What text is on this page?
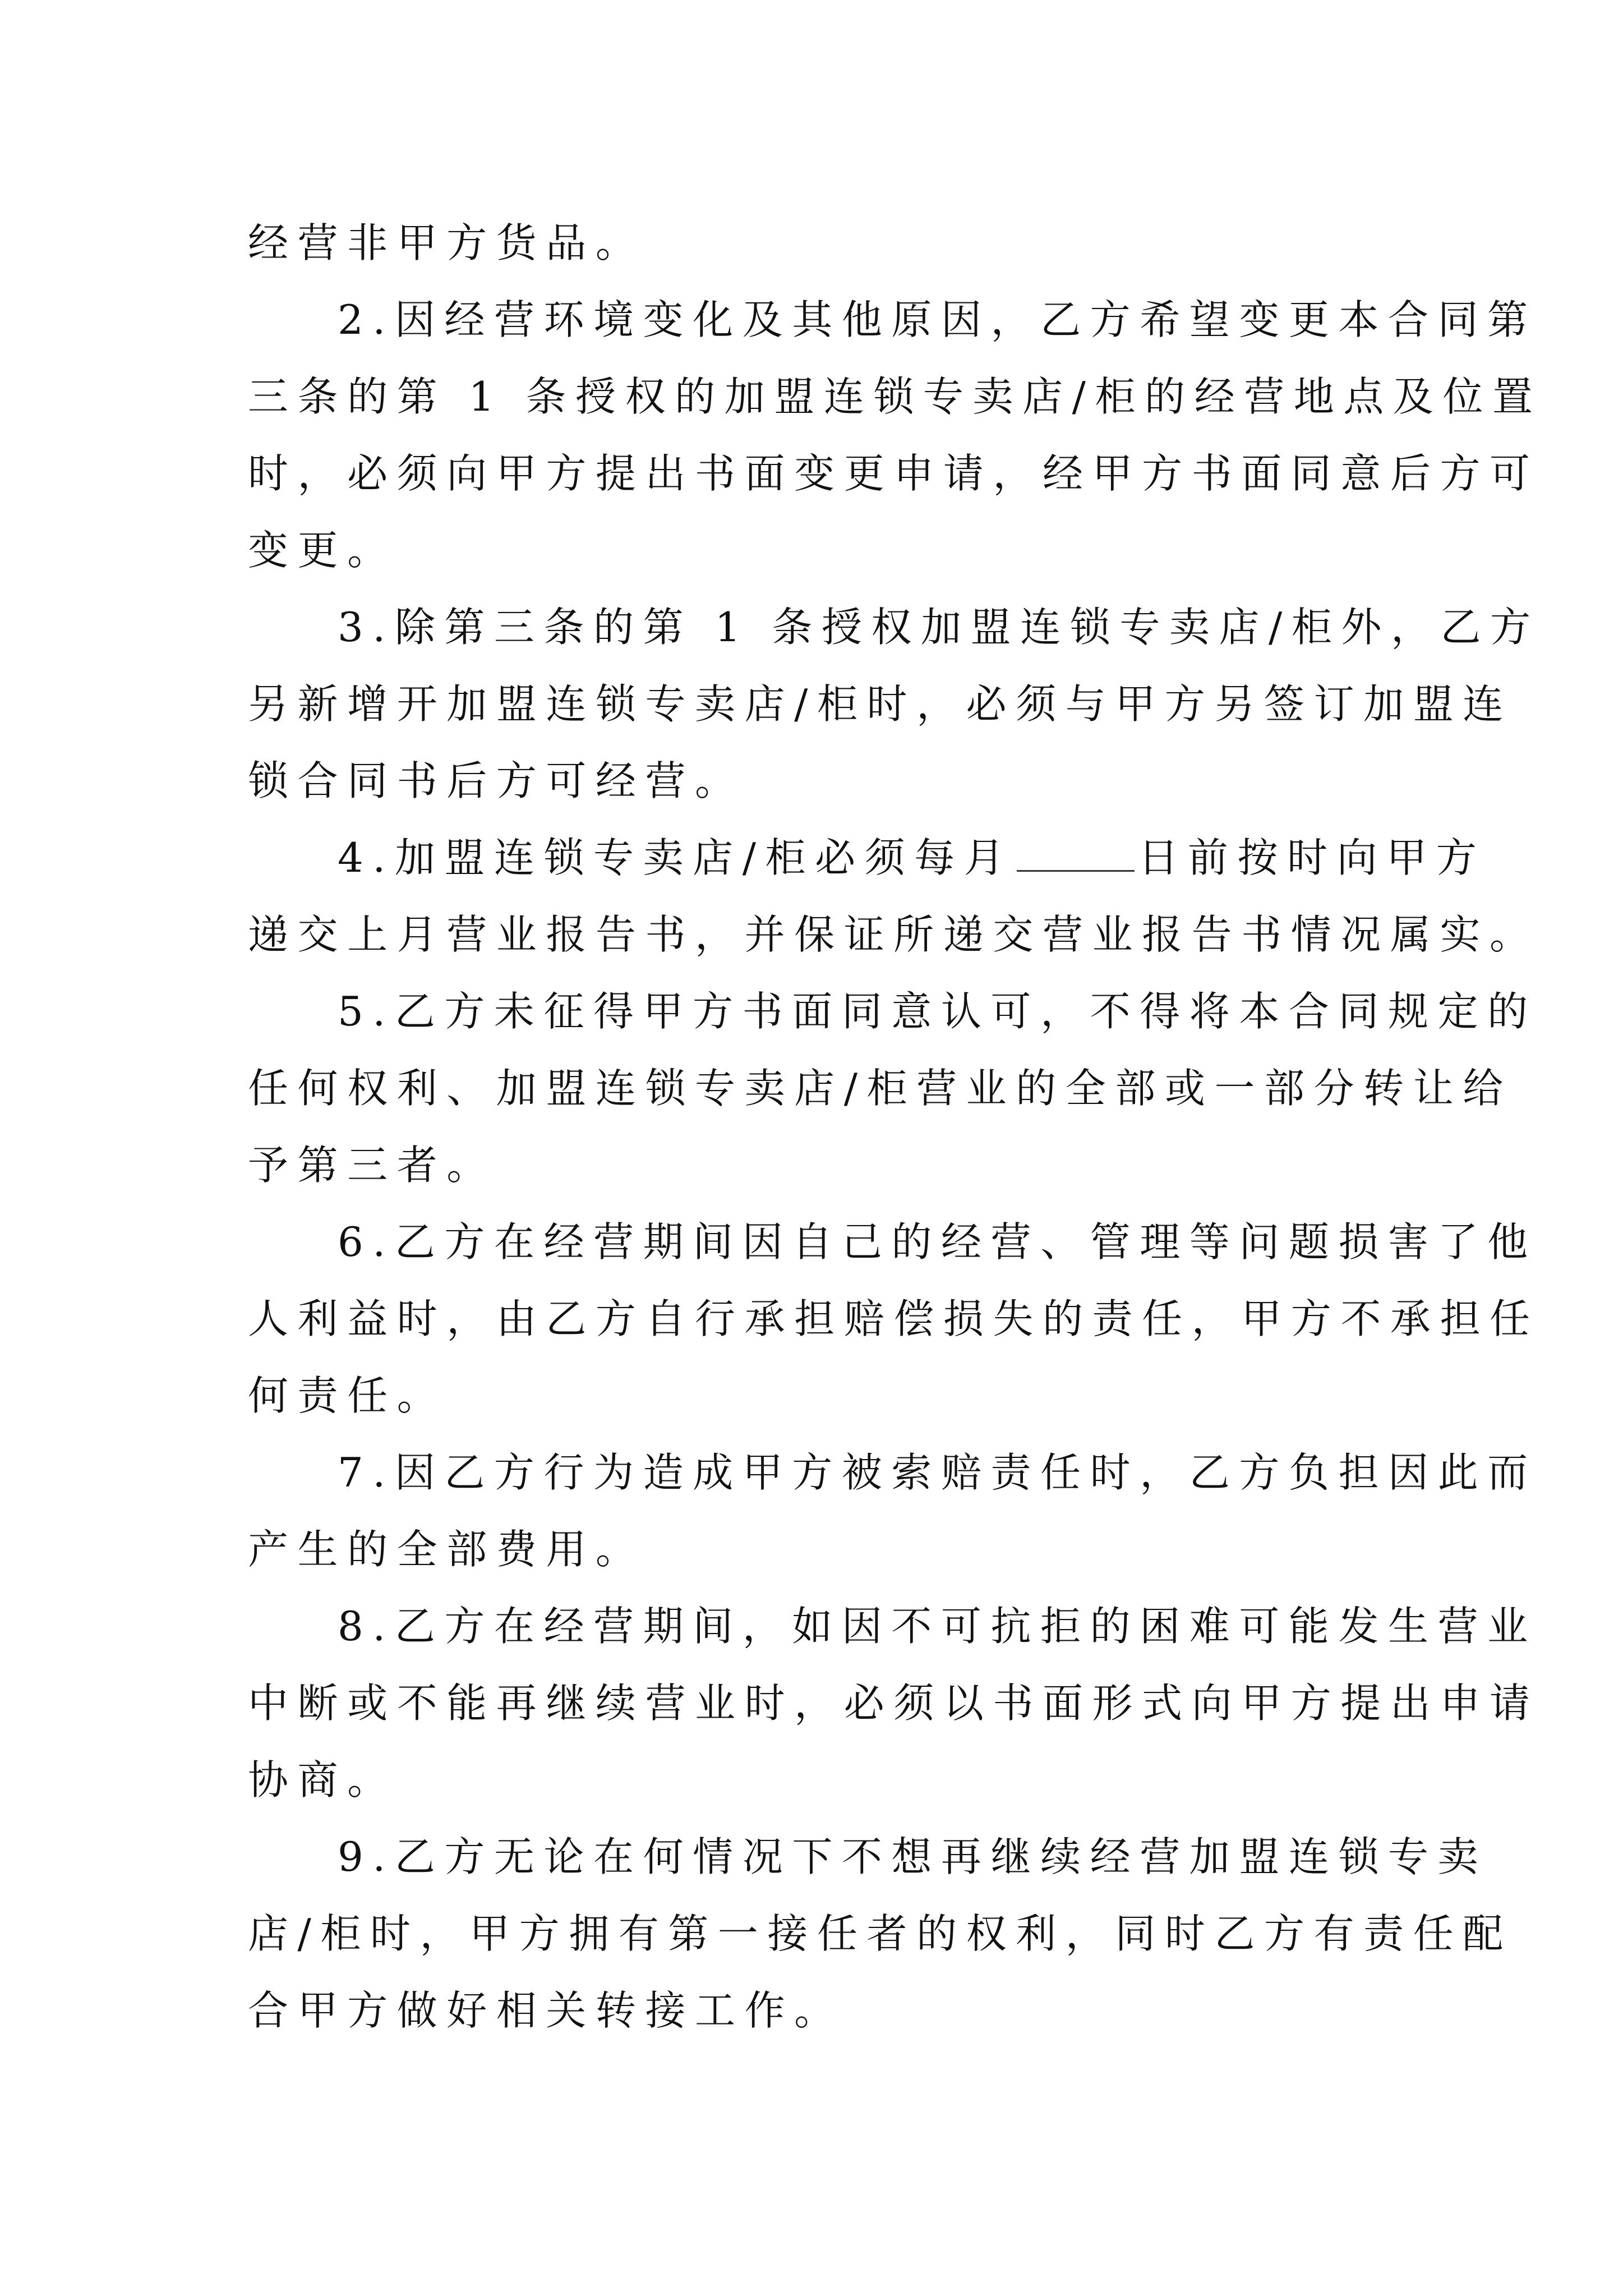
经营非甲方货品。
2.因经营环境变化及其他原因，乙方希望变更本合同第
三条的第 1 条授权的加盟连锁专卖店/柜的经营地点及位置
时，必须向甲方提出书面变更申请，经甲方书面同意后方可
变更。
3.除第三条的第 1 条授权加盟连锁专卖店/柜外，乙方
另新增开加盟连锁专卖店/柜时，必须与甲方另签订加盟连
锁合同书后方可经营。
4.加盟连锁专卖店/柜必须每月	日前按时向甲方
递交上月营业报告书，并保证所递交营业报告书情况属实。
5.乙方未征得甲方书面同意认可，不得将本合同规定的
任何权利、加盟连锁专卖店/柜营业的全部或一部分转让给
予第三者。
6.乙方在经营期间因自己的经营、管理等问题损害了他
人利益时，由乙方自行承担赔偿损失的责任，甲方不承担任
何责任。
7.因乙方行为造成甲方被索赔责任时，乙方负担因此而
产生的全部费用。
8.乙方在经营期间，如因不可抗拒的困难可能发生营业
中断或不能再继续营业时，必须以书面形式向甲方提出申请
协商。
9.乙方无论在何情况下不想再继续经营加盟连锁专卖
店/柜时，甲方拥有第一接任者的权利，同时乙方有责任配
合甲方做好相关转接工作。
